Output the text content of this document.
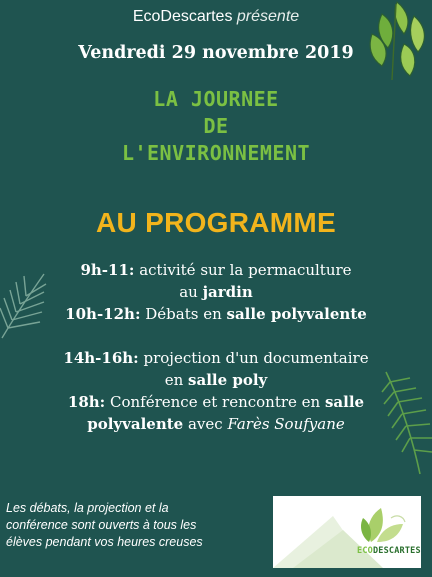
EcoDescartes présente
Vendredi 29 novembre 2019
LA JOURNEE
DE
L'ENVIRONNEMENT
AU PROGRAMME
9h-11: activité sur la permaculture
au jardin
10h-12h: Débats en salle polyvalente
14h-16h: projection d'un documentaire
en salle poly
18h: Conférence et rencontre en salle
polyvalente avec Farès Soufyane
Les débats, la projection et la conférence sont ouverts à tous les élèves pendant vos heures creuses
ECODESCARTES
